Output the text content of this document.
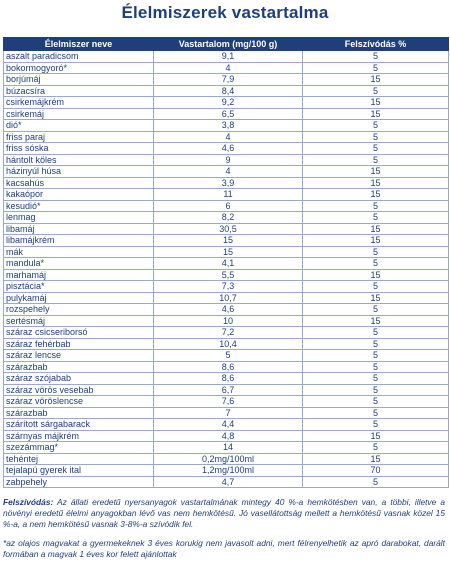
Élelmiszerek vastartalma
Élelmiszer neve	Vastartalom (mg/100 g)	Felszívódás %
aszalt paradicsom	9,1	5
bokormogyoró*	4	5
borjúmáj	7,9	15
búzacsíra	8,4	5
csirkemájkrém	9,2	15
csirkemáj	6,5	15
dió*	3,8	5
friss paraj	4	5
friss sóska	4,6	5
hántolt köles	9	5
házinyúl húsa	4	15
kacsahús	3,9	15
kakaópor	11	15
kesudió*	6	5
lenmag	8,2	5
libamáj	30,5	15
libamájkrém	15	15
mák	15	5
mandula*	4,1	5
marhamáj	5,5	15
pisztácia*	7,3	5
pulykamáj	10,7	15
rozspehely	4,6	5
sertésmáj	10	15
száraz csicseriborsó	7,2	5
száraz fehérbab	10,4	5
száraz lencse	5	5
szárazbab	8,6	5
száraz szójabab	8,6	5
száraz vörös vesebab	6,7	5
száraz vöröslencse	7,6	5
szárazbab	7	5
szárított sárgabarack	4,4	5
szárnyas májkrém	4,8	15
szezámmag*	14	5
tehéntej	0,2mg/100ml	15
tejalapú gyerek ital	1,2mg/100ml	70
zabpehely	4,7	5

Felszívódás: Az állati eredetű nyersanyagok vastartalmának mintegy 40 %-a hemkötésben van, a többi, illetve a növényi eredetű élelmi anyagokban lévő vas nem hemkötésű. Jó vasellátottság mellett a hemkötésű vasnak közel 15 %-a, a nem hemkötésű vasnak 3-8%-a szívódik fel.

*az olajos magvakat a gyermekeknek 3 éves korukig nem javasolt adni, mert félrenyelhetik az apró darabokat, darált formában a magvak 1 éves kor felett ajánlottak
